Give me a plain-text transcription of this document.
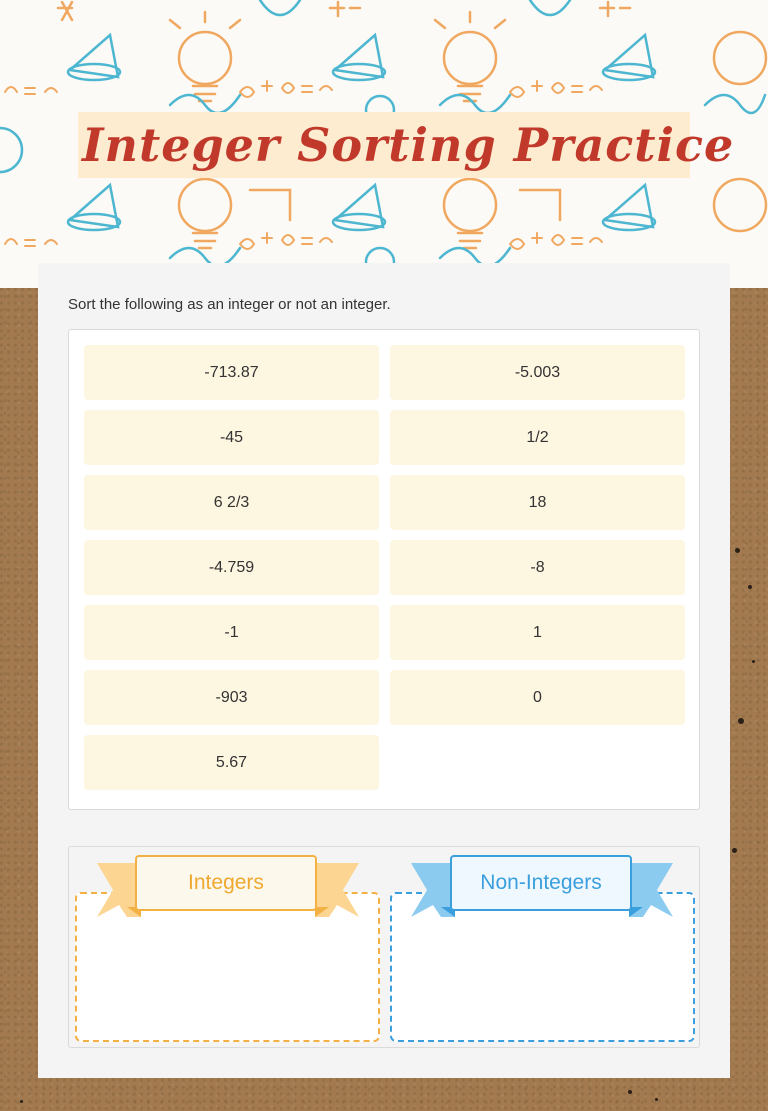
Integer Sorting Practice

Sort the following as an integer or not an integer.

-713.87	-5.003
-45	1/2
6 2/3	18
-4.759	-8
-1	1
-903	0
5.67
Integers	Non-Integers
